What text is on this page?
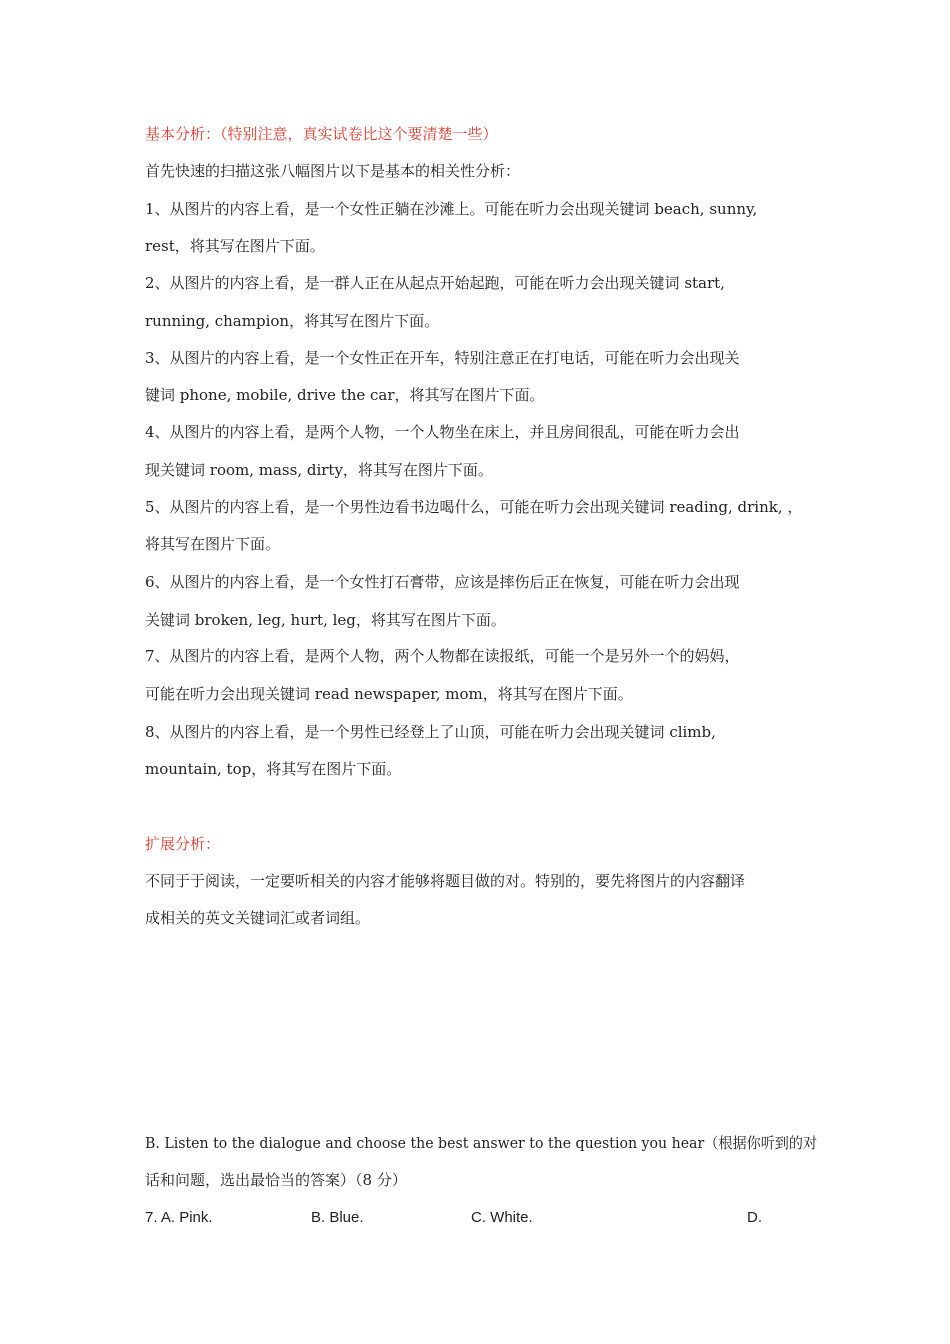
基本分析：（特别注意，真实试卷比这个要清楚一些）
首先快速的扫描这张八幅图片以下是基本的相关性分析：
1、从图片的内容上看，是一个女性正躺在沙滩上。可能在听力会出现关键词 beach, sunny,
rest，将其写在图片下面。
2、从图片的内容上看，是一群人正在从起点开始起跑，可能在听力会出现关键词 start,
running, champion，将其写在图片下面。
3、从图片的内容上看，是一个女性正在开车，特别注意正在打电话，可能在听力会出现关
键词 phone, mobile, drive the car，将其写在图片下面。
4、从图片的内容上看，是两个人物，一个人物坐在床上，并且房间很乱，可能在听力会出
现关键词 room, mass, dirty，将其写在图片下面。
5、从图片的内容上看，是一个男性边看书边喝什么，可能在听力会出现关键词 reading, drink, ，
将其写在图片下面。
6、从图片的内容上看，是一个女性打石膏带，应该是摔伤后正在恢复，可能在听力会出现
关键词 broken, leg, hurt, leg，将其写在图片下面。
7、从图片的内容上看，是两个人物，两个人物都在读报纸，可能一个是另外一个的妈妈，
可能在听力会出现关键词 read newspaper, mom，将其写在图片下面。
8、从图片的内容上看，是一个男性已经登上了山顶，可能在听力会出现关键词 climb,
mountain, top，将其写在图片下面。
扩展分析：
不同于于阅读，一定要听相关的内容才能够将题目做的对。特别的，要先将图片的内容翻译
成相关的英文关键词汇或者词组。
B. Listen to the dialogue and choose the best answer to the question you hear（根据你听到的对
话和问题，选出最恰当的答案）（8 分）
7. A. Pink.	B. Blue.	C. White.	D.
